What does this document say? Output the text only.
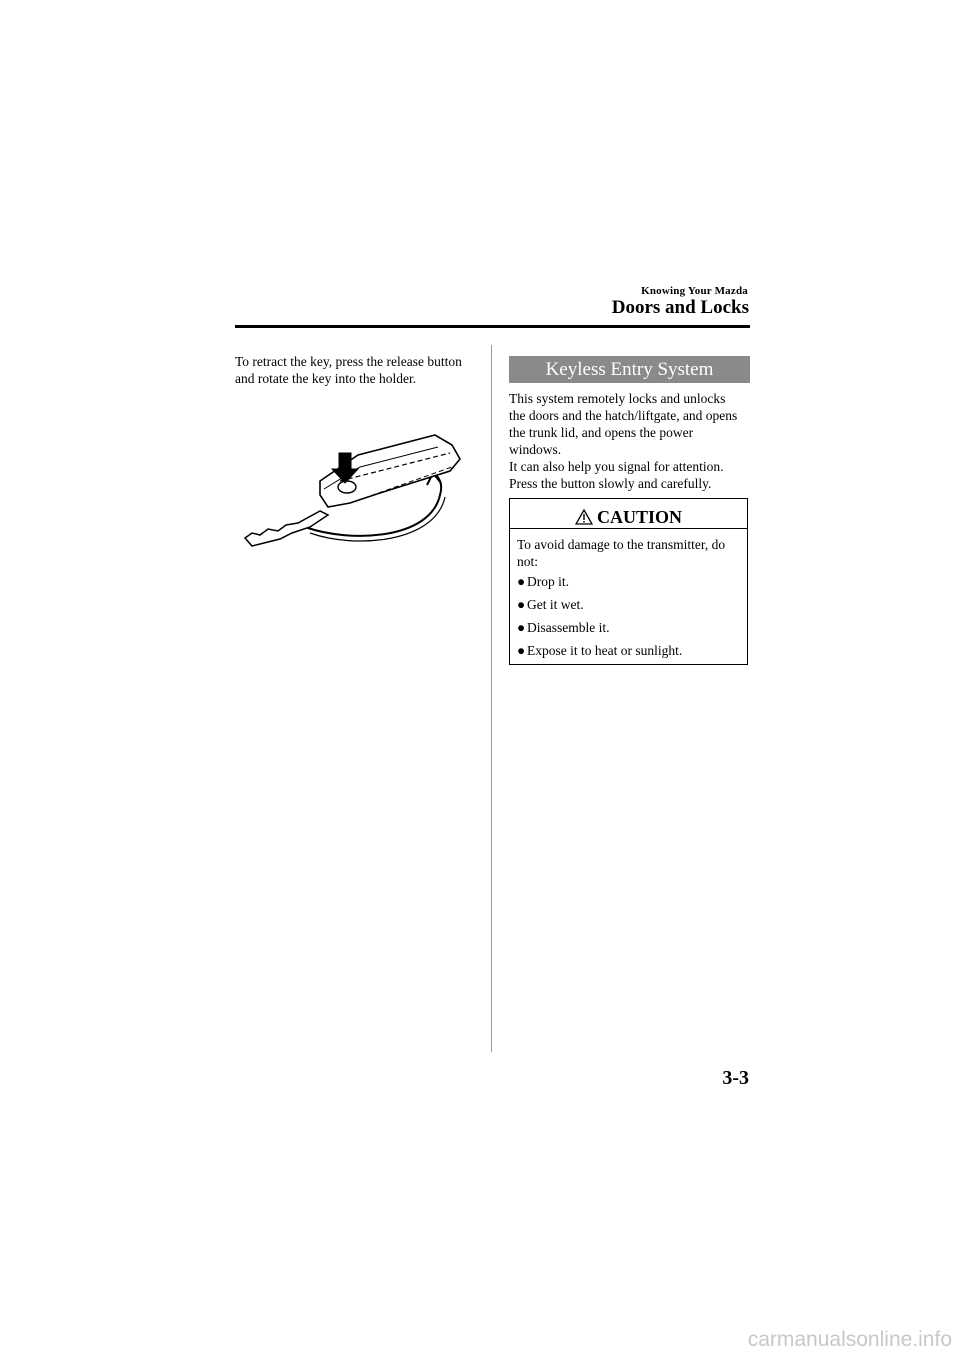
Knowing Your Mazda
Doors and Locks
To retract the key, press the release button
and rotate the key into the holder.	Keyless Entry System
This system remotely locks and unlocks
the doors and the hatch/liftgate, and opens
the trunk lid, and opens the power
windows.
It can also help you signal for attention.
Press the button slowly and carefully.
CAUTION
To avoid damage to the transmitter, do
not:
● Drop it.
● Get it wet.
● Disassemble it.
● Expose it to heat or sunlight.
3-3
carmanualsonline.info
